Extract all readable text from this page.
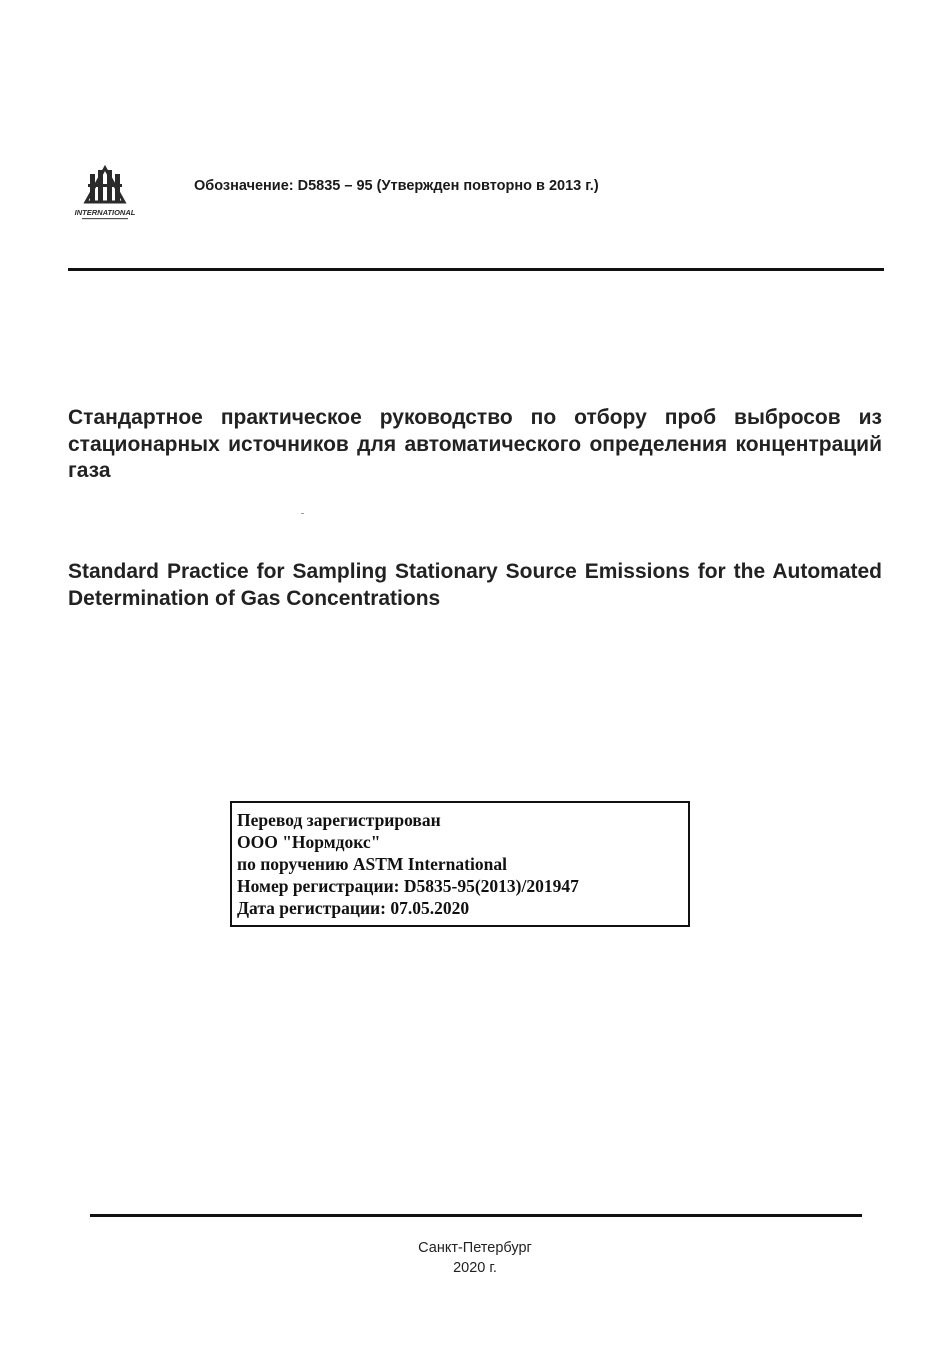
INTERNATIONAL
Обозначение: D5835 – 95 (Утвержден повторно в 2013 г.)
Стандартное практическое руководство по отбору проб выбросов из стационарных источников для автоматического определения концентраций газа
Standard Practice for Sampling Stationary Source Emissions for the Automated Determination of Gas Concentrations
Перевод зарегистрирован
ООО "Нормдокс"
по поручению ASTM International
Номер регистрации: D5835-95(2013)/201947
Дата регистрации: 07.05.2020
Санкт-Петербург
2020 г.
